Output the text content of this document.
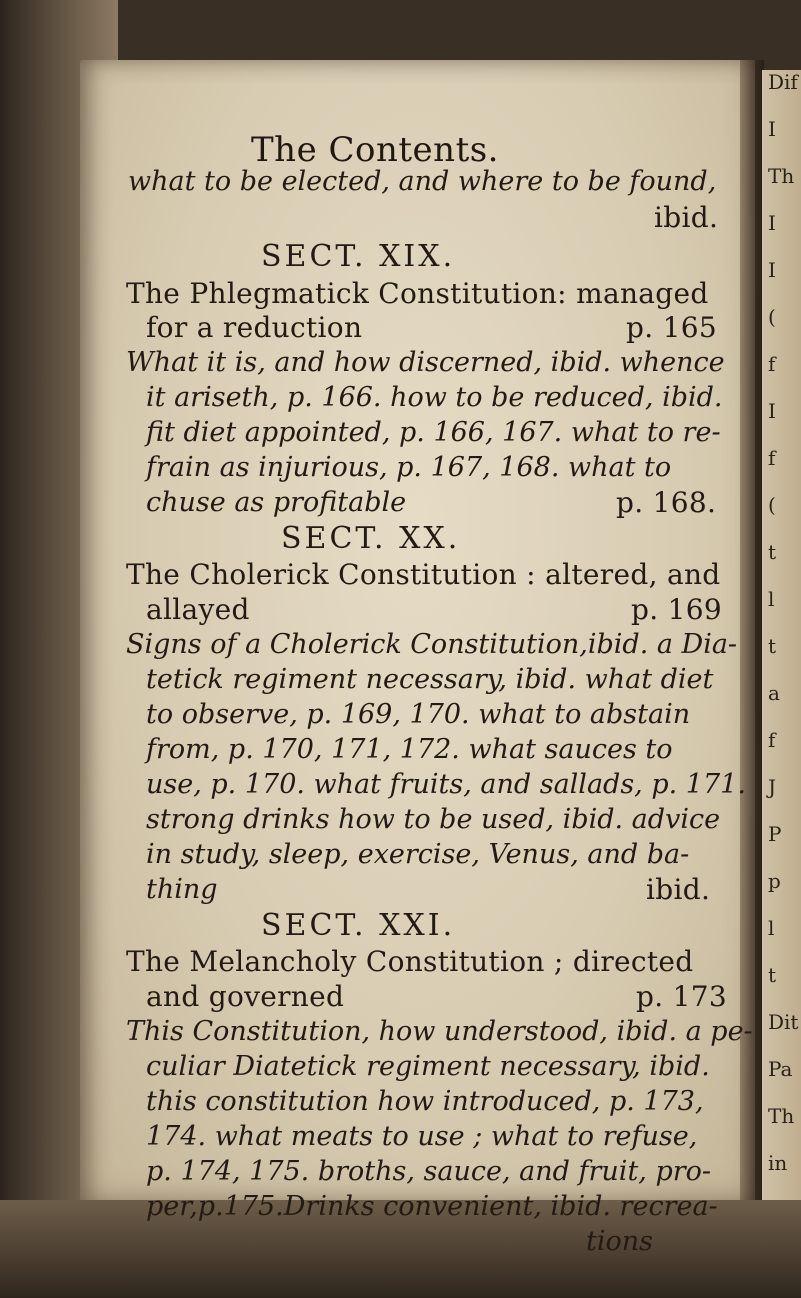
Dif
I
Th
I
I
(
f
I
f
(
t
l
t
a
f
J
P
p
l
t
Dit
Pa
Th
in
The Contents.
what to be elected, and where to be found,
ibid.
SECT. XIX.
The Phlegmatick Constitution: managed
for a reduction	p. 165
What it is, and how discerned, ibid. whence
it ariseth, p. 166. how to be reduced, ibid.
fit diet appointed, p. 166, 167. what to re-
frain as injurious, p. 167, 168. what to
chuse as profitable	p. 168.
SECT. XX.
The Cholerick Constitution : altered, and
allayed	p. 169
Signs of a Cholerick Constitution,ibid. a Dia-
tetick regiment necessary, ibid. what diet
to observe, p. 169, 170. what to abstain
from, p. 170, 171, 172. what sauces to
use, p. 170. what fruits, and sallads, p. 171.
strong drinks how to be used, ibid. advice
in study, sleep, exercise, Venus, and ba-
thing	ibid.
SECT. XXI.
The Melancholy Constitution ; directed
and governed	p. 173
This Constitution, how understood, ibid. a pe-
culiar Diatetick regiment necessary, ibid.
this constitution how introduced, p. 173,
174. what meats to use ; what to refuse,
p. 174, 175. broths, sauce, and fruit, pro-
per,p.175.Drinks convenient, ibid. recrea-
tions
